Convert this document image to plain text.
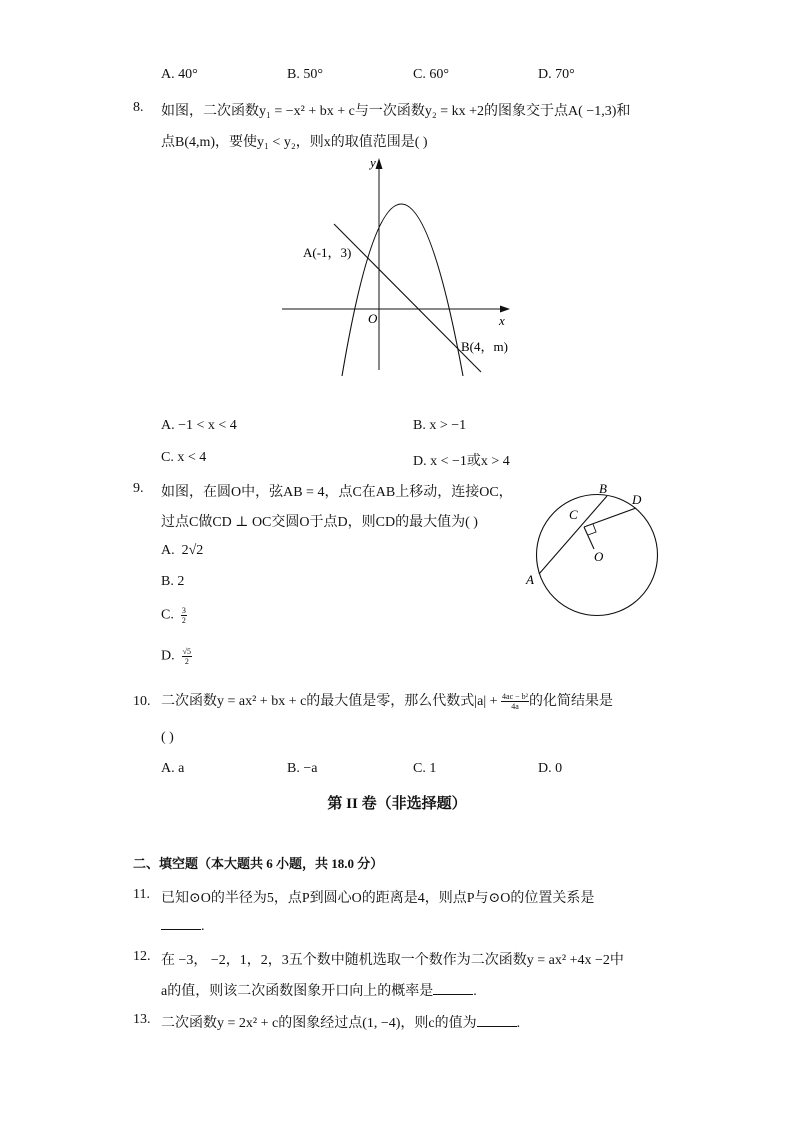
A. 40°	B. 50°	C. 60°	D. 70°
8. 如图，二次函数y₁ = −x² + bx + c与一次函数y₂ = kx +2的图象交于点A( −1,3)和
点B(4,m)，要使y₁ < y₂，则x的取值范围是( )
y
x
O
A(-1，3)
B(4，m)
A. −1 < x < 4	B. x > −1
C. x < 4	D. x < −1或x > 4
9. 如图，在圆O中，弦AB = 4，点C在AB上移动，连接OC，
过点C做CD ⊥ OC交圆O于点D，则CD的最大值为( )
A. 2√2
B. 2
C. $\frac{3}{2}$
D. $\frac{√5}{2}$
A
B
C
D
O
10. 二次函数y = ax² + bx + c的最大值是零，那么代数式$|a| + \frac{\text{4ac − b²}}{4a}$ 的化简结果是
( )
A. a	B. −a	C. 1	D. 0
第 II 卷（非选择题）
二、填空题（本大题共 6 小题，共 18.0 分）
11. 已知⊙O的半径为5，点P到圆心O的距离是4，则点P与⊙O的位置关系是
.
12. 在 −3， −2，1，2，3五个数中随机选取一个数作为二次函数y = ax² +4x −2中
a的值，则该二次函数图象开口向上的概率是	.
13. 二次函数y = 2x² + c的图象经过点(1, −4)，则c的值为	.
